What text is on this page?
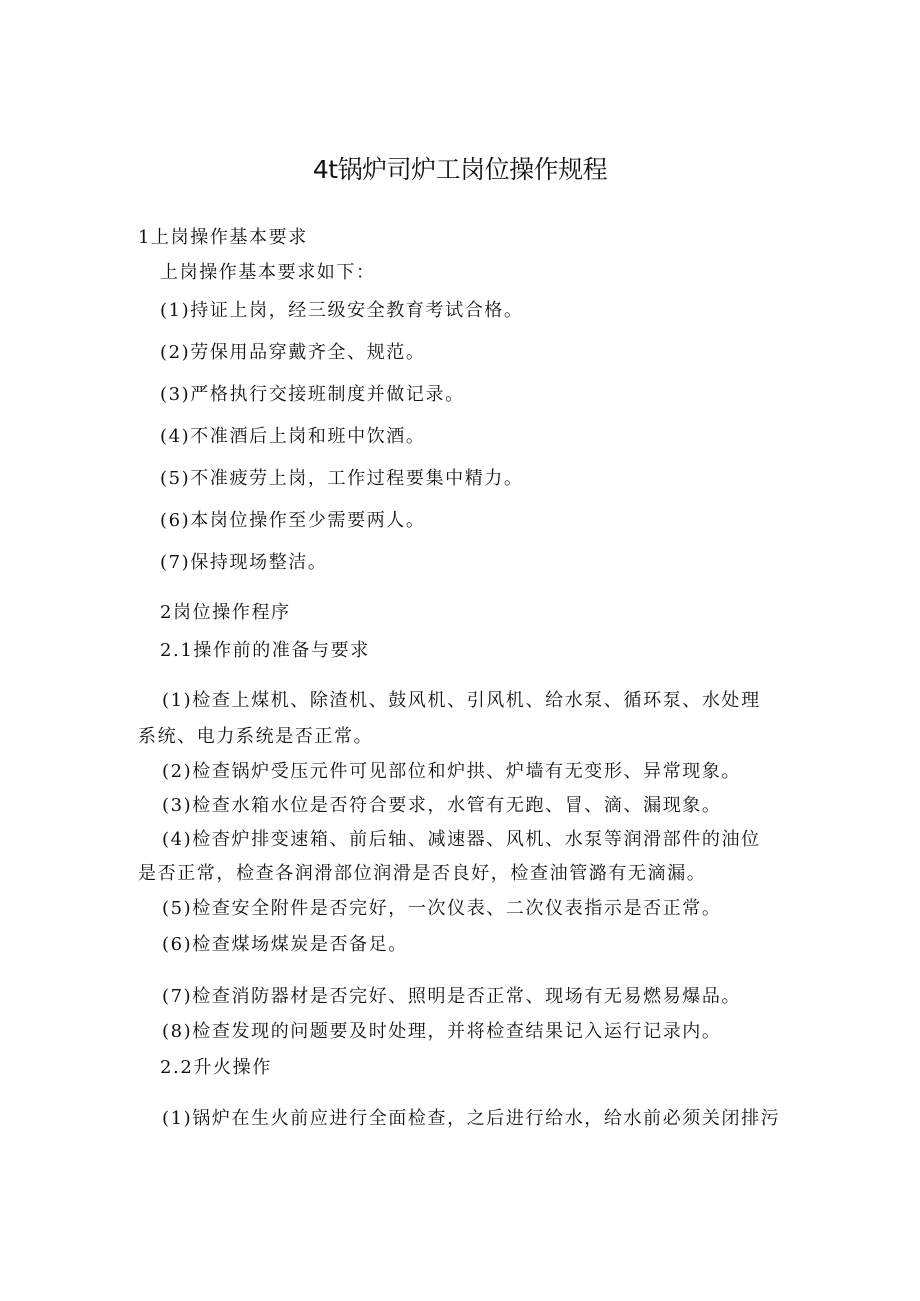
4t锅炉司炉工岗位操作规程
1上岗操作基本要求
上岗操作基本要求如下：
(1)持证上岗，经三级安全教育考试合格。
(2)劳保用品穿戴齐全、规范。
(3)严格执行交接班制度并做记录。
(4)不准酒后上岗和班中饮酒。
(5)不准疲劳上岗，工作过程要集中精力。
(6)本岗位操作至少需要两人。
(7)保持现场整洁。
2岗位操作程序
2.1操作前的准备与要求
(1)检查上煤机、除渣机、鼓风机、引风机、给水泵、循环泵、水处理
系统、电力系统是否正常。
(2)检查锅炉受压元件可见部位和炉拱、炉墙有无变形、异常现象。
(3)检查水箱水位是否符合要求，水管有无跑、冒、滴、漏现象。
(4)检杳炉排变速箱、前后轴、减速器、风机、水泵等润滑部件的油位
是否正常，检查各润滑部位润滑是否良好，检查油管潞有无滴漏。
(5)检查安全附件是否完好，一次仪表、二次仪表指示是否正常。
(6)检查煤场煤炭是否备足。
(7)检查消防器材是否完好、照明是否正常、现场有无易燃易爆品。
(8)检查发现的问题要及时处理，并将检查结果记入运行记录内。
2.2升火操作
(1)锅炉在生火前应进行全面检查，之后进行给水，给水前必须关闭排污
